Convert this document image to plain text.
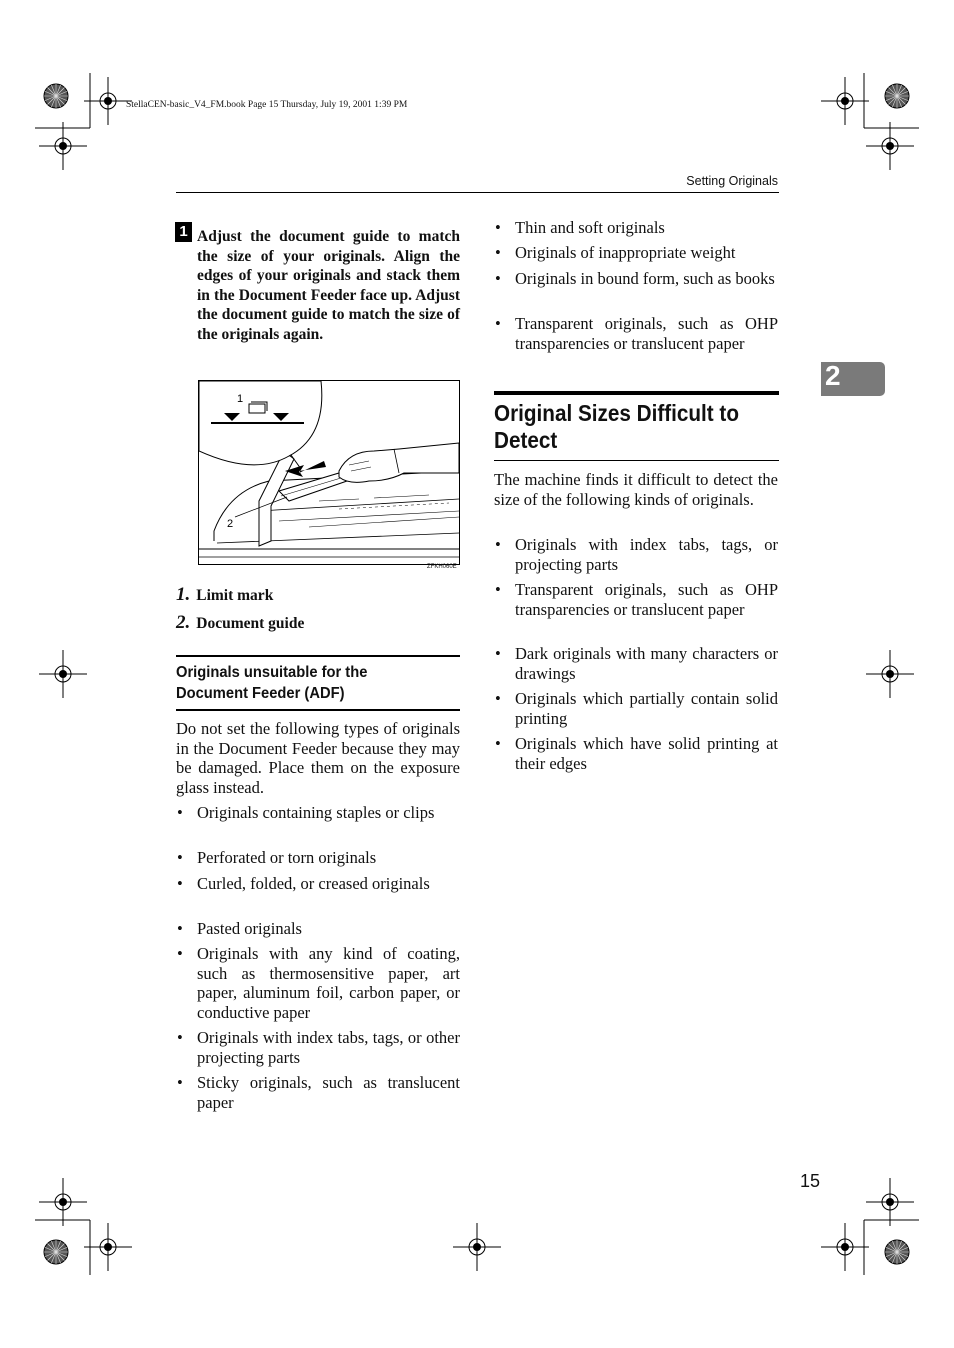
StellaCEN-basic_V4_FM.book Page 15 Thursday, July 19, 2001 1:39 PM
Setting Originals
2
1 Adjust the document guide to match the size of your originals. Align the edges of your originals and stack them in the Document Feeder face up. Adjust the document guide to match the size of the originals again.
1
2
ZFKH060E
1. Limit mark
2. Document guide
Originals unsuitable for the Document Feeder (ADF)
Do not set the following types of originals in the Document Feeder because they may be damaged. Place them on the exposure glass instead.
• Originals containing staples or clips
• Perforated or torn originals
• Curled, folded, or creased originals
• Pasted originals
• Originals with any kind of coating, such as thermosensitive paper, art paper, aluminum foil, carbon paper, or conductive paper
• Originals with index tabs, tags, or other projecting parts
• Sticky originals, such as translucent paper
• Thin and soft originals
• Originals of inappropriate weight
• Originals in bound form, such as books
• Transparent originals, such as OHP transparencies or translucent paper
Original Sizes Difficult to Detect
The machine finds it difficult to detect the size of the following kinds of originals.
• Originals with index tabs, tags, or projecting parts
• Transparent originals, such as OHP transparencies or translucent paper
• Dark originals with many characters or drawings
• Originals which partially contain solid printing
• Originals which have solid printing at their edges
15
